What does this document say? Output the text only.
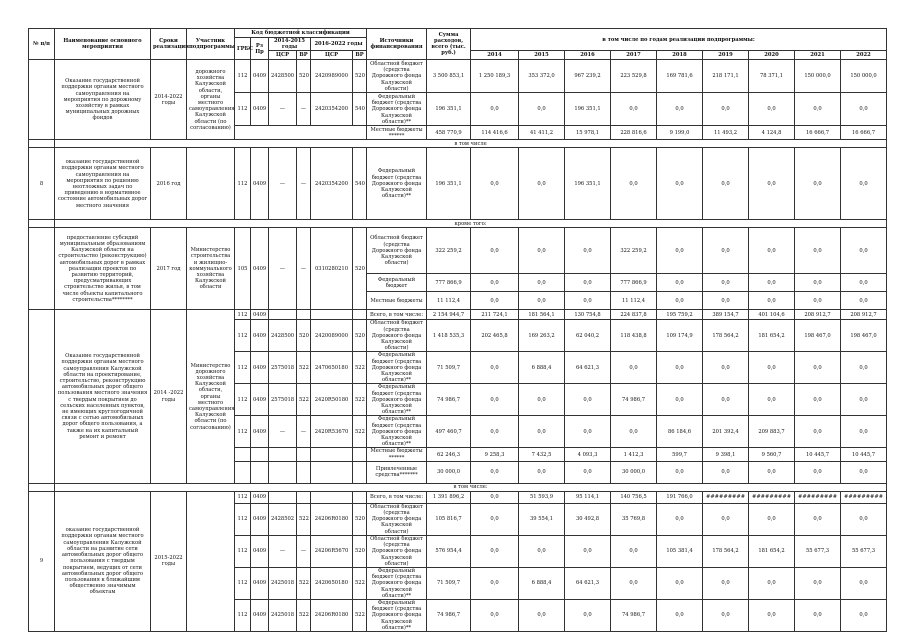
№ п/п	Наименование основного мероприятия	Сроки реализации	Участник подпрограммы	Код бюджетной классификации						Источники финансирования	Сумма расходов, всего (тыс. руб.)	в том числе по годам реализации подпрограммы:								
				ГРБС	Рз Пр	2014-2015 годы		2016-2022 годы												
						ЦСР	ВР	ЦСР	ВР			2014	2015	2016	2017	2018	2019	2020	2021	2022
	Оказание государственной поддержки органам местного самоуправления на мероприятия по дорожному хозяйству в рамках муниципальных дорожных фондов	2014-2022 годы	дорожного хозяйства Калужской области, органы местного самоуправления Калужской области (по согласованию)	112	0409	2428500	520	2420989000	520	Областной бюджет (средства Дорожного фонда Калужской области)	3 500 853,1	1 250 189,3	353 372,0	967 239,2	223 529,8	169 781,6	218 171,1	78 371,1	150 000,0	150 000,0
				112	0409	—	—	2420354200	540	Федеральный бюджет (средства Дорожного фонда Калужской области)**	196 351,1	0,0	0,0	196 351,1	0,0	0,0	0,0	0,0	0,0	0,0
										Местные бюджеты ******	458 770,9	114 416,6	41 411,2	15 978,1	228 816,6	9 199,0	11 493,2	4 124,8	16 666,7	16 666,7
	в том числе																			
8	оказание государственной поддержки органам местного самоуправления на мероприятия по решению неотложных задач по приведению в нормативное состояние автомобильных дорог местного значения	2016 год		112	0409	—	—	2420354200	540	Федеральный бюджет (средства Дорожного фонда Калужской области)**	196 351,1	0,0	0,0	196 351,1	0,0	0,0	0,0	0,0	0,0	0,0
	кроме того:																			
	предоставление субсидий муниципальным образованиям Калужской области на строительство (реконструкцию) автомобильных дорог в рамках реализации проектов по развитию территорий, предусматривающих строительство жилья, в том числе объекты капитального строительства********	2017 год	Министерство строительства и жилищно-коммунального хозяйства Калужской области	105	0409	—	—	0310280210	520	Областной бюджет (средства Дорожного фонда Калужской области)	322 259,2	0,0	0,0	0,0	322 259,2	0,0	0,0	0,0	0,0	0,0
										Федеральный бюджет	777 866,9	0,0	0,0	0,0	777 866,9	0,0	0,0	0,0	0,0	0,0
										Местные бюджеты	11 112,4	0,0	0,0	0,0	11 112,4	0,0	0,0	0,0	0,0	0,0
	Оказание государственной поддержки органам местного самоуправления Калужской области на проектирование, строительство, реконструкцию автомобильных дорог общего пользования местного значения с твердым покрытием до сельских населенных пунктов, не имеющих круглогодичной связи с сетью автомобильных дорог общего пользования, а также на их капитальный ремонт и ремонт	2014 -2022 годы	Министерство дорожного хозяйства Калужской области, органы местного самоуправления Калужской области (по согласованию)	112	0409					Всего, в том числе:	2 154 944,7	211 724,1	181 564,1	130 754,8	224 837,8	195 759,2	389 154,7	401 104,6	208 912,7	208 912,7
				112	0409	2428500	520	2420089000	520	Областной бюджет (средства Дорожного фонда Калужской области)	1 418 535,3	202 465,8	169 263,2	62 040,2	118 438,8	109 174,9	178 564,2	181 654,2	198 467,0	198 467,0
				112	0409	2575018	522	2470650180	522	Федеральный бюджет (средства Дорожного фонда Калужской области)**	71 509,7	0,0	6 888,4	64 621,3	0,0	0,0	0,0	0,0	0,0	0,0
				112	0409	2575018	522	2420R50180	522	Федеральный бюджет (средства Дорожного фонда Калужской области)**	74 986,7	0,0	0,0	0,0	74 986,7	0,0	0,0	0,0	0,0	0,0
				112	0409	—	—	2420R53670	522	Федеральный бюджет (средства Дорожного фонда Калужской области)**	497 460,7	0,0	0,0	0,0	0,0	86 184,6	201 392,4	209 883,7	0,0	0,0
										Местные бюджеты ******	62 246,3	9 258,3	7 432,5	4 093,3	1 412,3	599,7	9 398,1	9 560,7	10 445,7	10 445,7
										Привлеченные средства*******	30 000,0	0,0	0,0	0,0	30 000,0	0,0	0,0	0,0	0,0	0,0
	в том числе:																			
9	оказание государственной поддержки органам местного самоуправления Калужской области на развитие сети автомобильных дорог общего пользования с твердым покрытием, ведущих от сети автомобильных дорог общего пользования к ближайшим общественно значимым объектам	2015-2022 годы		112	0409					Всего, в том числе:	1 391 896,2	0,0	51 593,9	95 114,1	140 756,5	191 766,0	#########	#########	#########	#########
				112	0409	2428502	522	24206R0180	520	Областной бюджет (средства Дорожного фонда Калужской области)	105 816,7	0,0	39 554,1	30 492,8	35 769,8	0,0	0,0	0,0	0,0	0,0
				112	0409	—	—	24206R5670	520	Областной бюджет (средства Дорожного фонда Калужской области)	576 954,4	0,0	0,0	0,0	0,0	105 381,4	178 564,2	181 654,2	55 677,3	55 677,3
				112	0409	2425018	522	2420650180	522	Федеральный бюджет (средства Дорожного фонда Калужской области)**	71 509,7	0,0	6 888,4	64 621,3	0,0	0,0	0,0	0,0	0,0	0,0
				112	0409	2425018	522	24206R0180	522	Федеральный бюджет (средства Дорожного фонда Калужской области)**	74 986,7	0,0	0,0	0,0	74 986,7	0,0	0,0	0,0	0,0	0,0
